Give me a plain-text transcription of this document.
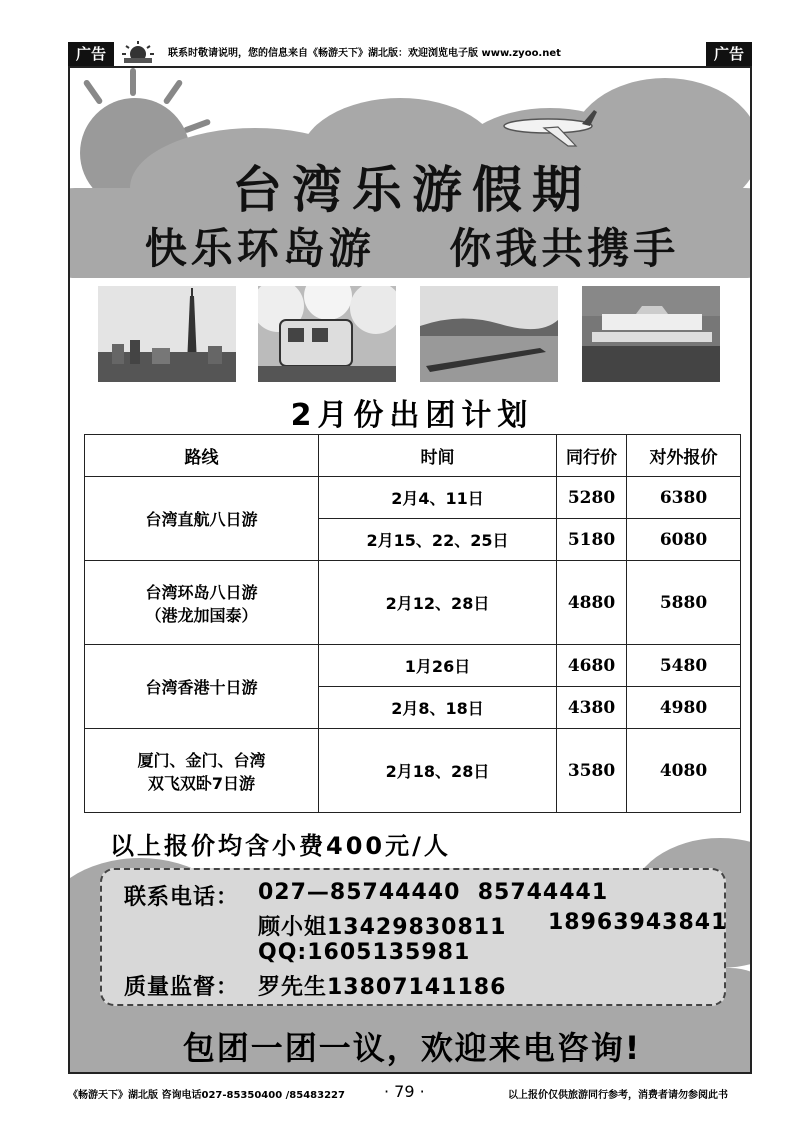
广告	联系时敬请说明，您的信息来自《畅游天下》湖北版：欢迎浏览电子版 www.zyoo.net	广告
台湾乐游假期
快乐环岛游    你我共携手
2月份出团计划
路线	时间	同行价	对外报价
台湾直航八日游	2月4、11日	5280	6380
	2月15、22、25日	5180	6080

台湾环岛八日游
（港龙加国泰）	2月12、28日	4880	5880
台湾香港十日游	1月26日	4680	5480
	2月8、18日	4380	4980

厦门、金门、台湾
双飞双卧7日游	2月18、28日	3580	4080
以上报价均含小费400元/人
联系电话： 027—85744440  85744441
顾小姐13429830811 18963943841
QQ:1605135981
质量监督： 罗先生13807141186
包团一团一议，欢迎来电咨询!
《畅游天下》湖北版 咨询电话027-85350400 /85483227 · 79 ·	以上报价仅供旅游同行参考，消费者请勿参阅此书
